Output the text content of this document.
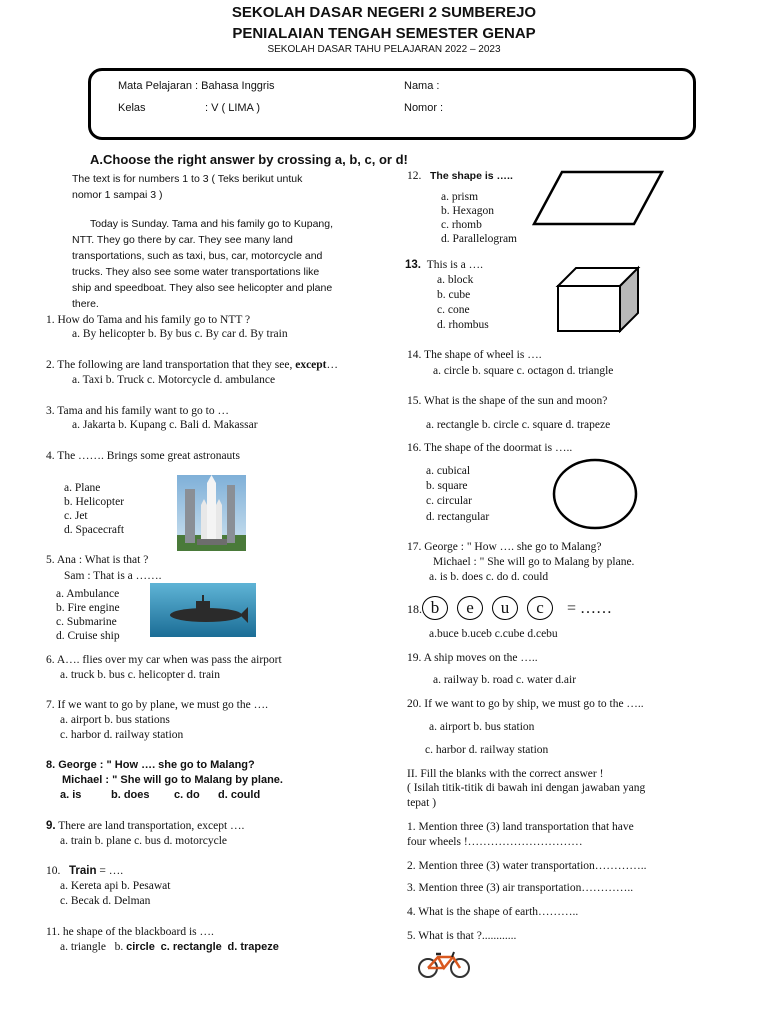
SEKOLAH DASAR NEGERI 2 SUMBEREJO
PENIALAIAN TENGAH SEMESTER GENAP
SEKOLAH DASAR TAHU PELAJARAN 2022 – 2023
Mata Pelajaran : Bahasa Inggris
Kelas	: V ( LIMA )
Nama :
Nomor :
A.Choose the right answer by crossing a, b, c, or d!
The text is for numbers 1 to 3 ( Teks berikut untuk
nomor 1 sampai 3 )
Today is Sunday. Tama and his family go to Kupang,
NTT. They go there by car. They see many land
transportations, such as taxi, bus, car, motorcycle and
trucks. They also see some water transportations like
ship and speedboat. They also see helicopter and plane
there.
1. How do Tama and his family go to NTT ?
a. By helicopter b. By bus c. By car d. By train
2. The following are land transportation that they see, except…
a. Taxi b. Truck c. Motorcycle d. ambulance
3. Tama and his family want to go to …
a. Jakarta b. Kupang c. Bali d. Makassar
4. The ……. Brings some great astronauts
a. Plane
b. Helicopter
c. Jet
d. Spacecraft
5. Ana : What is that ?
Sam : That is a …….
a. Ambulance
b. Fire engine
c. Submarine
d. Cruise ship
6. A…. flies over my car when was pass the airport
a. truck b. bus c. helicopter d. train
7. If we want to go by plane, we must go the ….
a. airport b. bus stations
c. harbor d. railway station
8. George : " How …. she go to Malang?
Michael : " She will go to Malang by plane.
a. is	b. does c. do d. could
9. There are land transportation, except ….
a. train b. plane c. bus d. motorcycle
10. Train = ….
a. Kereta api b. Pesawat
c. Becak d. Delman
11. he shape of the blackboard is ….
a. triangle b. circle c. rectangle d. trapeze
12. The shape is …..
a. prism
b. Hexagon
c. rhomb
d. Parallelogram
13. This is a ….
a. block
b. cube
c. cone
d. rhombus
14. The shape of wheel is ….
a. circle b. square c. octagon d. triangle
15. What is the shape of the sun and moon?
a. rectangle b. circle c. square d. trapeze
16. The shape of the doormat is …..
a. cubical
b. square
c. circular
d. rectangular
17. George : " How …. she go to Malang?
Michael : " She will go to Malang by plane.
a. is b. does c. do d. could
18. b e u c = ……
a.buce b.uceb c.cube d.cebu
19. A ship moves on the …..
a. railway b. road c. water d.air
20. If we want to go by ship, we must go to the …..
a. airport b. bus station
c. harbor d. railway station
II. Fill the blanks with the correct answer !
( Isilah titik-titik di bawah ini dengan jawaban yang
tepat )
1. Mention three (3) land transportation that have
four wheels !…………………………
2. Mention three (3) water transportation…………..
3. Mention three (3) air transportation…………..
4. What is the shape of earth………..
5. What is that ?............
